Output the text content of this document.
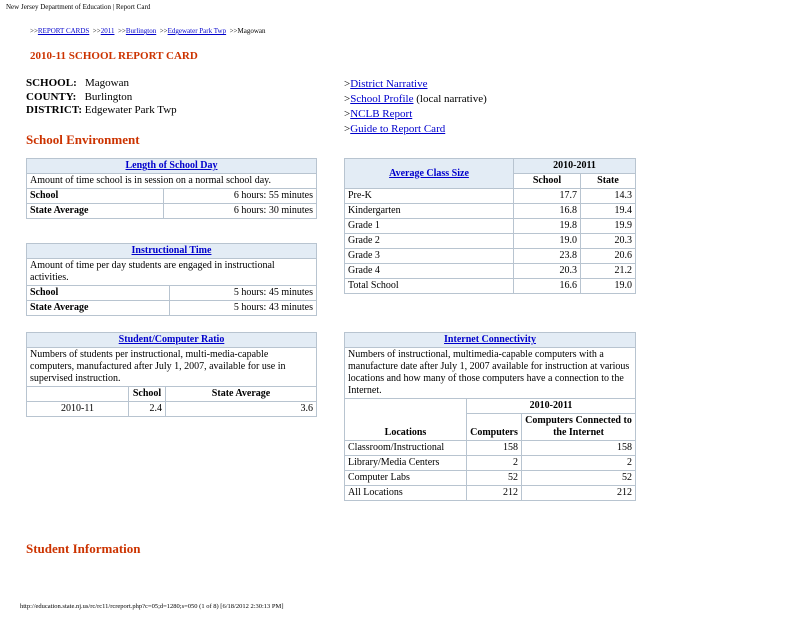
New Jersey Department of Education | Report Card
>>REPORT CARDS >>2011 >>Burlington >>Edgewater Park Twp >>Magowan
2010-11 SCHOOL REPORT CARD
SCHOOL: Magowan
COUNTY: Burlington
DISTRICT: Edgewater Park Twp
>District Narrative
>School Profile (local narrative)
>NCLB Report
>Guide to Report Card
School Environment
Length of School Day	
Amount of time school is in session on a normal school day.	
School	6 hours: 55 minutes
State Average	6 hours: 30 minutes
Instructional Time	
Amount of time per day students are engaged in instructional activities.	
School	5 hours: 45 minutes
State Average	5 hours: 43 minutes
Student/Computer Ratio		
Numbers of students per instructional, multi-media-capable computers, manufactured after July 1, 2007, available for use in supervised instruction.		
	School	State Average
2010-11	2.4	3.6
Average Class Size	2010-2011	
	School	State
Pre-K	17.7	14.3
Kindergarten	16.8	19.4
Grade 1	19.8	19.9
Grade 2	19.0	20.3
Grade 3	23.8	20.6
Grade 4	20.3	21.2
Total School	16.6	19.0
Internet Connectivity		
Numbers of instructional, multimedia-capable computers with a manufacture date after July 1, 2007 available for instruction at various locations and how many of those computers have a connection to the Internet.		
Locations	2010-2011	
	Computers	Computers Connected to the Internet
Classroom/Instructional	158	158
Library/Media Centers	2	2
Computer Labs	52	52
All Locations	212	212
Student Information
http://education.state.nj.us/rc/rc11/rcreport.php?c=05;d=1280;s=050 (1 of 8) [6/18/2012 2:30:13 PM]
